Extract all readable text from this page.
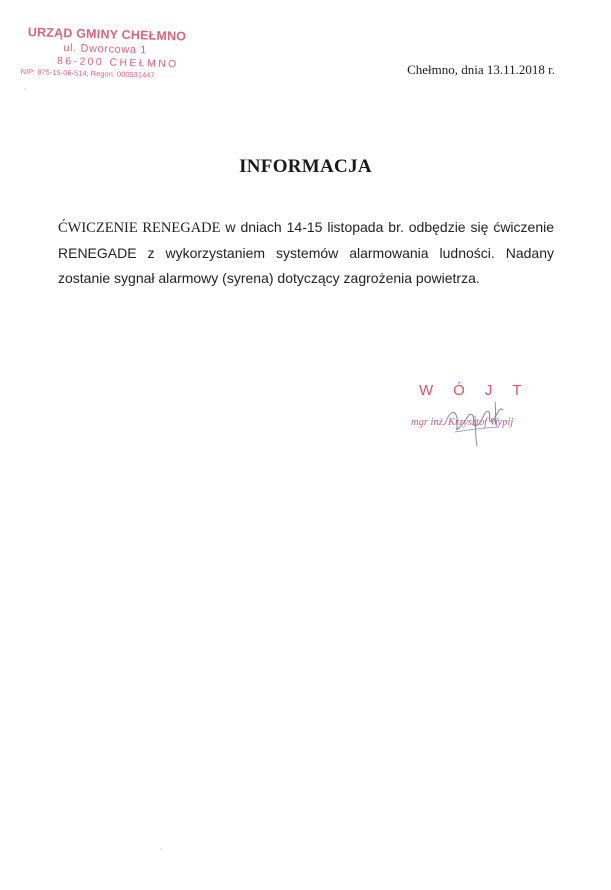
URZĄD GMINY CHEŁMNO
ul. Dworcowa 1
86-200 CHEŁMNO
NIP: 875-15-06-514; Regon: 000531447	Chełmno, dnia 13.11.2018 r.
INFORMACJA
ĆWICZENIE RENEGADE w dniach 14-15 listopada br. odbędzie się ćwiczenie RENEGADE z wykorzystaniem systemów alarmowania ludności. Nadany zostanie sygnał alarmowy (syrena) dotyczący zagrożenia powietrza.
WÓJT
mgr inż. Krzysztof Wypij
